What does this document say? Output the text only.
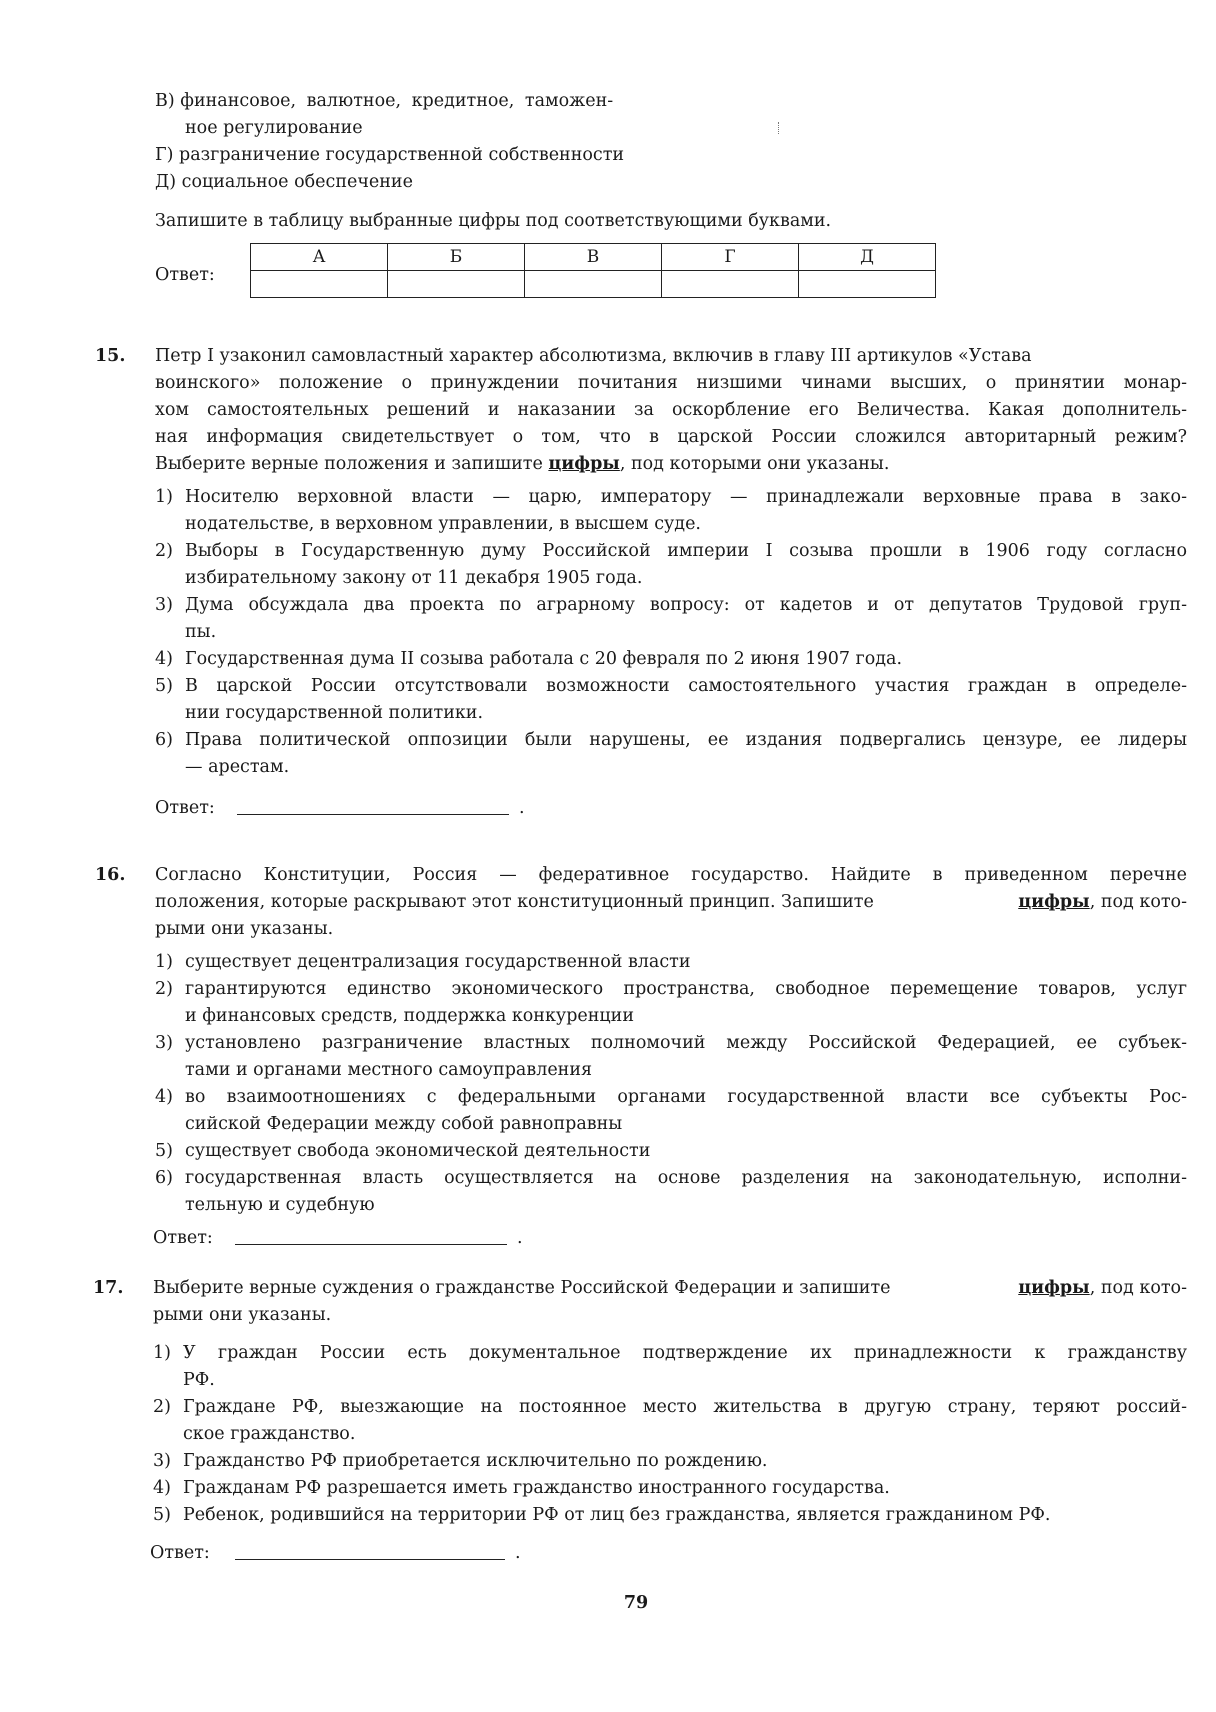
В) финансовое, валютное, кредитное, таможен-
ное регулирование
Г) разграничение государственной собственности
Д) социальное обеспечение
Запишите в таблицу выбранные цифры под соответствующими буквами.
Ответ:
А	Б	В	Г	Д

15. Петр I узаконил самовластный характер абсолютизма, включив в главу III артикулов «Устава
воинского» положение о принуждении почитания низшими чинами высших, о принятии монар-
хом самостоятельных решений и наказании за оскорбление его Величества. Какая дополнитель-
ная информация свидетельствует о том, что в царской России сложился авторитарный режим?
Выберите верные положения и запишите цифры, под которыми они указаны.
1) Носителю верховной власти — царю, императору — принадлежали верховные права в зако-
нодательстве, в верховном управлении, в высшем суде.
2) Выборы в Государственную думу Российской империи I созыва прошли в 1906 году согласно
избирательному закону от 11 декабря 1905 года.
3) Дума обсуждала два проекта по аграрному вопросу: от кадетов и от депутатов Трудовой груп-
пы.
4) Государственная дума II созыва работала с 20 февраля по 2 июня 1907 года.
5) В царской России отсутствовали возможности самостоятельного участия граждан в определе-
нии государственной политики.
6) Права политической оппозиции были нарушены, ее издания подвергались цензуре, ее лидеры
— арестам.
Ответ:	.
16. Согласно Конституции, Россия — федеративное государство. Найдите в приведенном перечне
положения, которые раскрывают этот конституционный принцип. Запишите	цифры, под кото-
рыми они указаны.
1) существует децентрализация государственной власти
2) гарантируются единство экономического пространства, свободное перемещение товаров, услуг
и финансовых средств, поддержка конкуренции
3) установлено разграничение властных полномочий между Российской Федерацией, ее субъек-
тами и органами местного самоуправления
4) во взаимоотношениях с федеральными органами государственной власти все субъекты Рос-
сийской Федерации между собой равноправны
5) существует свобода экономической деятельности
6) государственная власть осуществляется на основе разделения на законодательную, исполни-
тельную и судебную
Ответ:	.
17. Выберите верные суждения о гражданстве Российской Федерации и запишите	цифры, под кото-
рыми они указаны.
1) У граждан России есть документальное подтверждение их принадлежности к гражданству
РФ.
2) Граждане РФ, выезжающие на постоянное место жительства в другую страну, теряют россий-
ское гражданство.
3) Гражданство РФ приобретается исключительно по рождению.
4) Гражданам РФ разрешается иметь гражданство иностранного государства.
5) Ребенок, родившийся на территории РФ от лиц без гражданства, является гражданином РФ.
Ответ:	.
79
